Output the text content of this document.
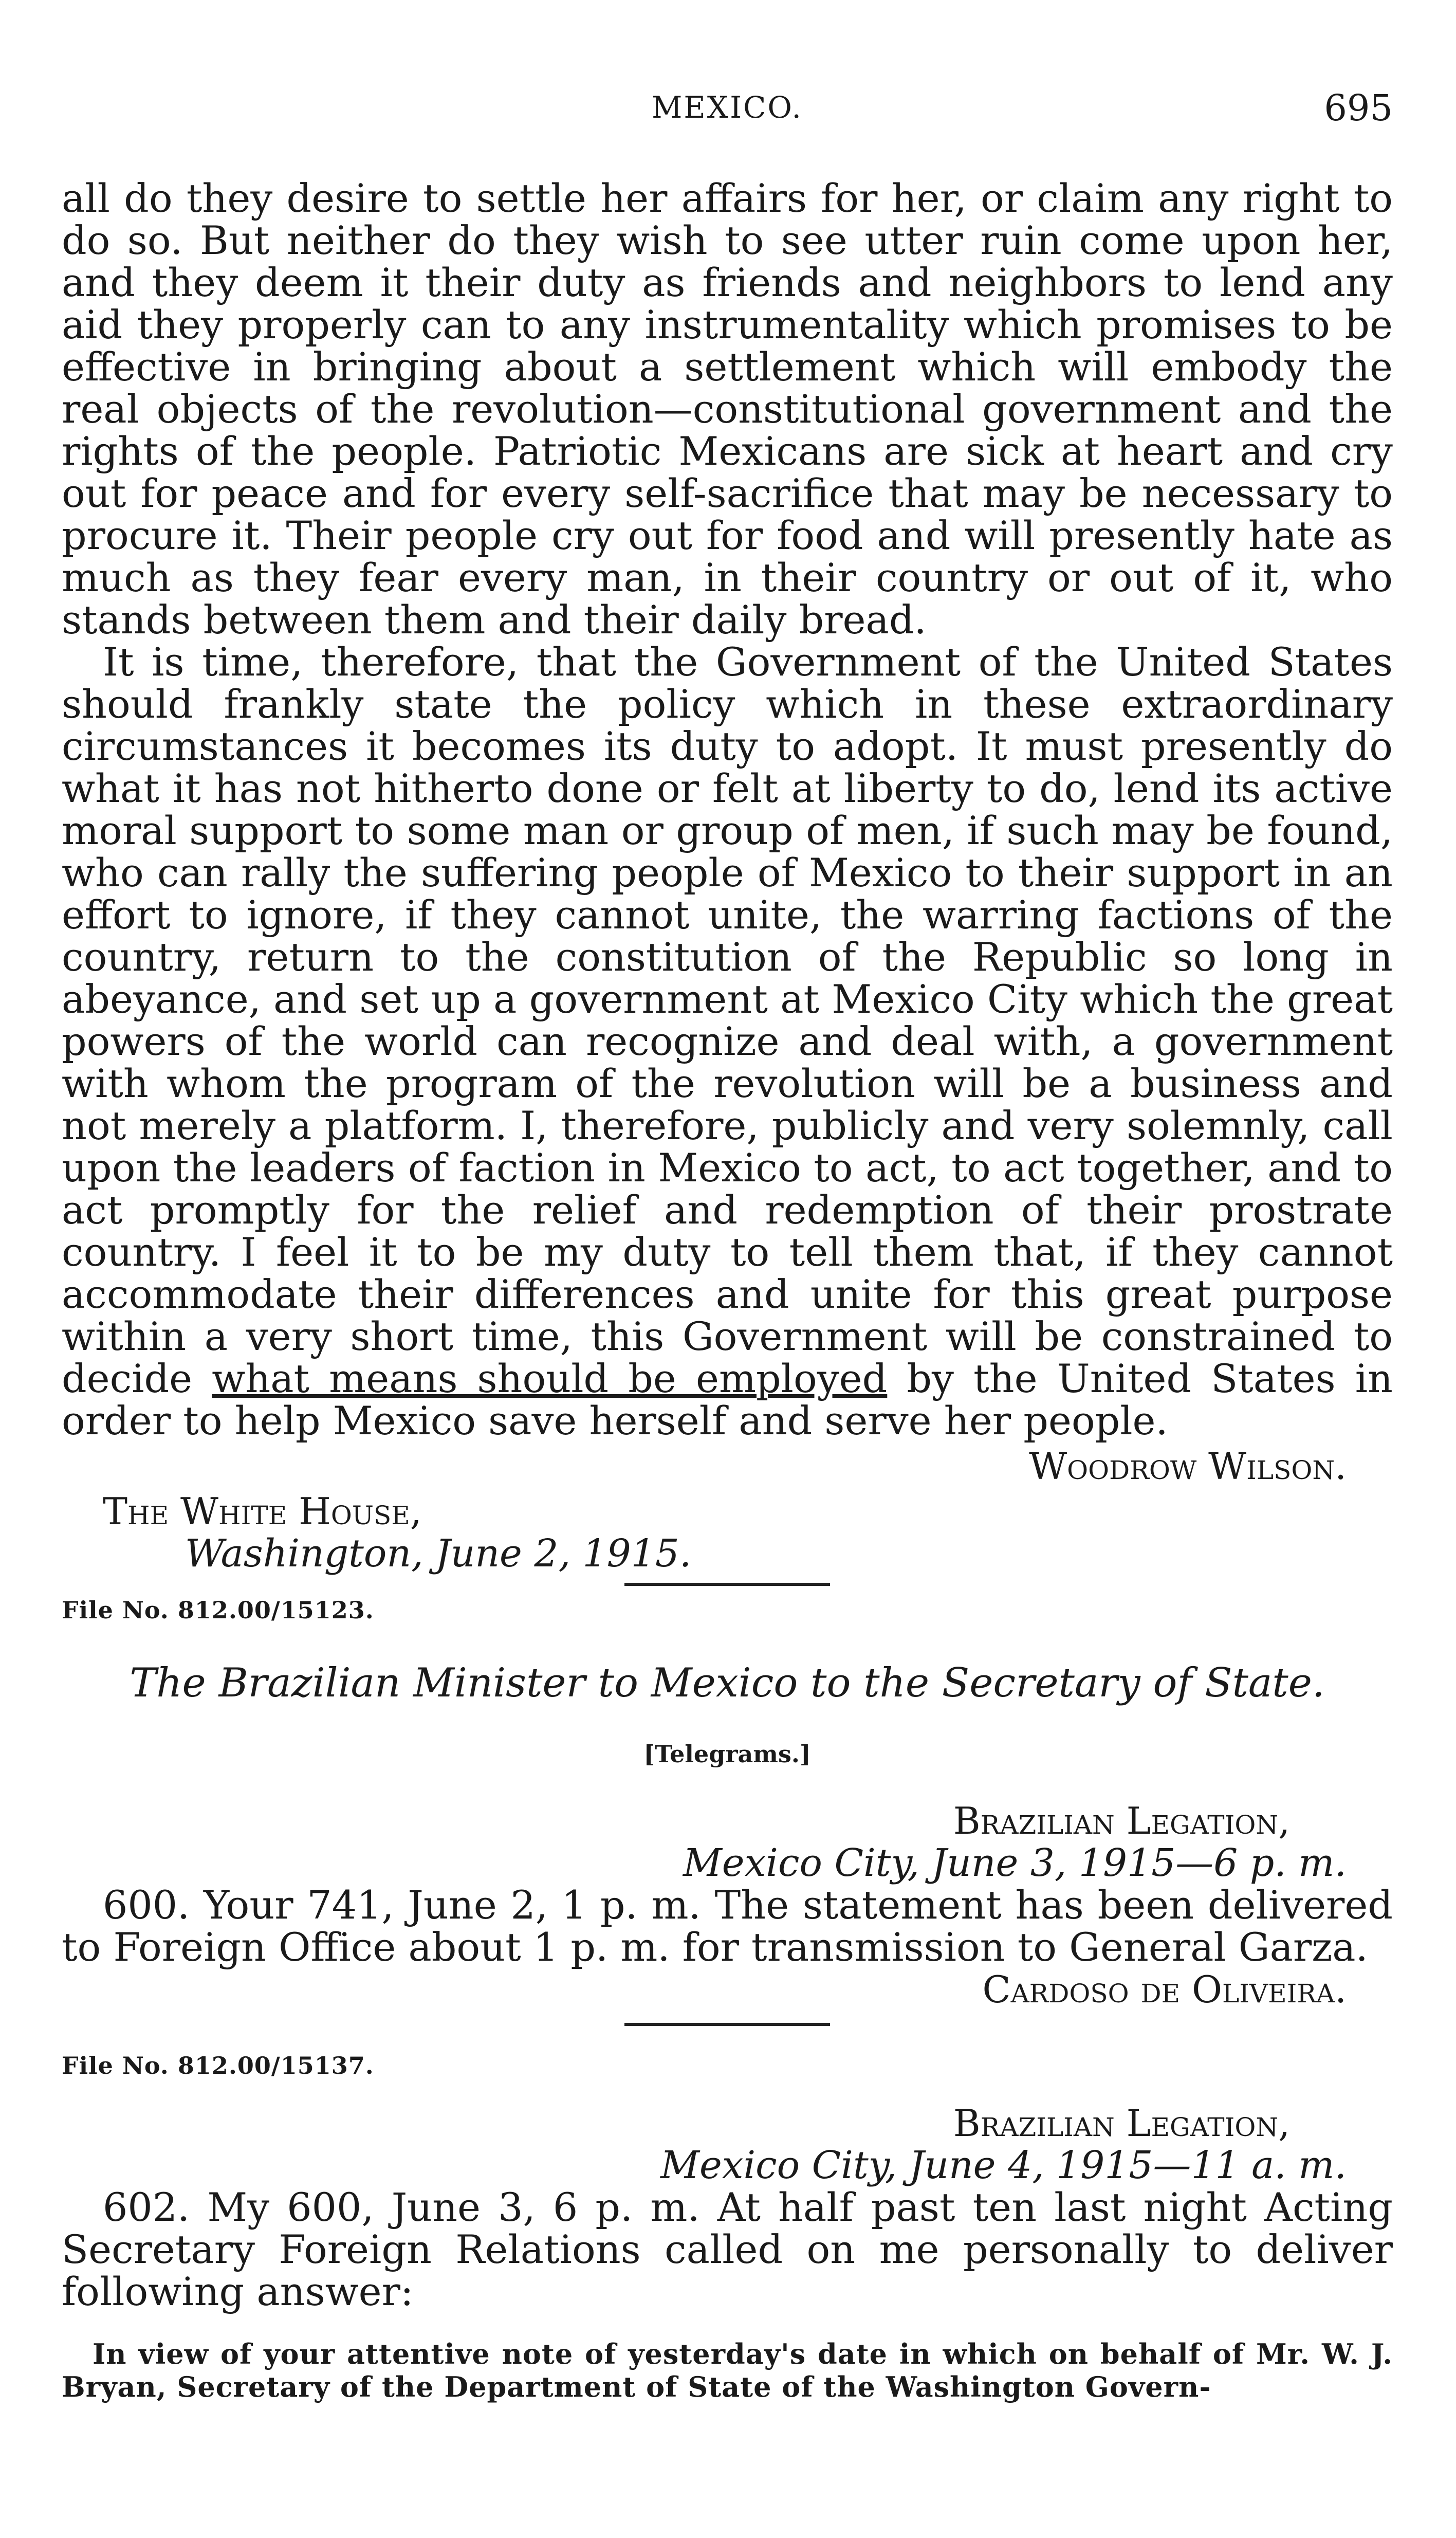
MEXICO.	695

all do they desire to settle her affairs for her, or claim any right to do so. But neither do they wish to see utter ruin come upon her, and they deem it their duty as friends and neighbors to lend any aid they properly can to any instrumentality which promises to be effective in bringing about a settlement which will embody the real objects of the revolution—constitutional government and the rights of the people. Patriotic Mexicans are sick at heart and cry out for peace and for every self-sacrifice that may be necessary to procure it. Their people cry out for food and will presently hate as much as they fear every man, in their country or out of it, who stands between them and their daily bread.

It is time, therefore, that the Government of the United States should frankly state the policy which in these extraordinary circumstances it becomes its duty to adopt. It must presently do what it has not hitherto done or felt at liberty to do, lend its active moral support to some man or group of men, if such may be found, who can rally the suffering people of Mexico to their support in an effort to ignore, if they cannot unite, the warring factions of the country, return to the constitution of the Republic so long in abeyance, and set up a government at Mexico City which the great powers of the world can recognize and deal with, a government with whom the program of the revolution will be a business and not merely a platform. I, therefore, publicly and very solemnly, call upon the leaders of faction in Mexico to act, to act together, and to act promptly for the relief and redemption of their prostrate country. I feel it to be my duty to tell them that, if they cannot accommodate their differences and unite for this great purpose within a very short time, this Government will be constrained to decide what means should be employed by the United States in order to help Mexico save herself and serve her people.

Woodrow Wilson.
The White House,
Washington, June 2, 1915.
File No. 812.00/15123.
The Brazilian Minister to Mexico to the Secretary of State.
[Telegrams.]
Brazilian Legation,
Mexico City, June 3, 1915—6 p. m.

600. Your 741, June 2, 1 p. m. The statement has been delivered to Foreign Office about 1 p. m. for transmission to General Garza.

Cardoso de Oliveira.
File No. 812.00/15137.
Brazilian Legation,
Mexico City, June 4, 1915—11 a. m.

602. My 600, June 3, 6 p. m. At half past ten last night Acting Secretary Foreign Relations called on me personally to deliver following answer:

In view of your attentive note of yesterday's date in which on behalf of Mr. W. J. Bryan, Secretary of the Department of State of the Washington Govern-
